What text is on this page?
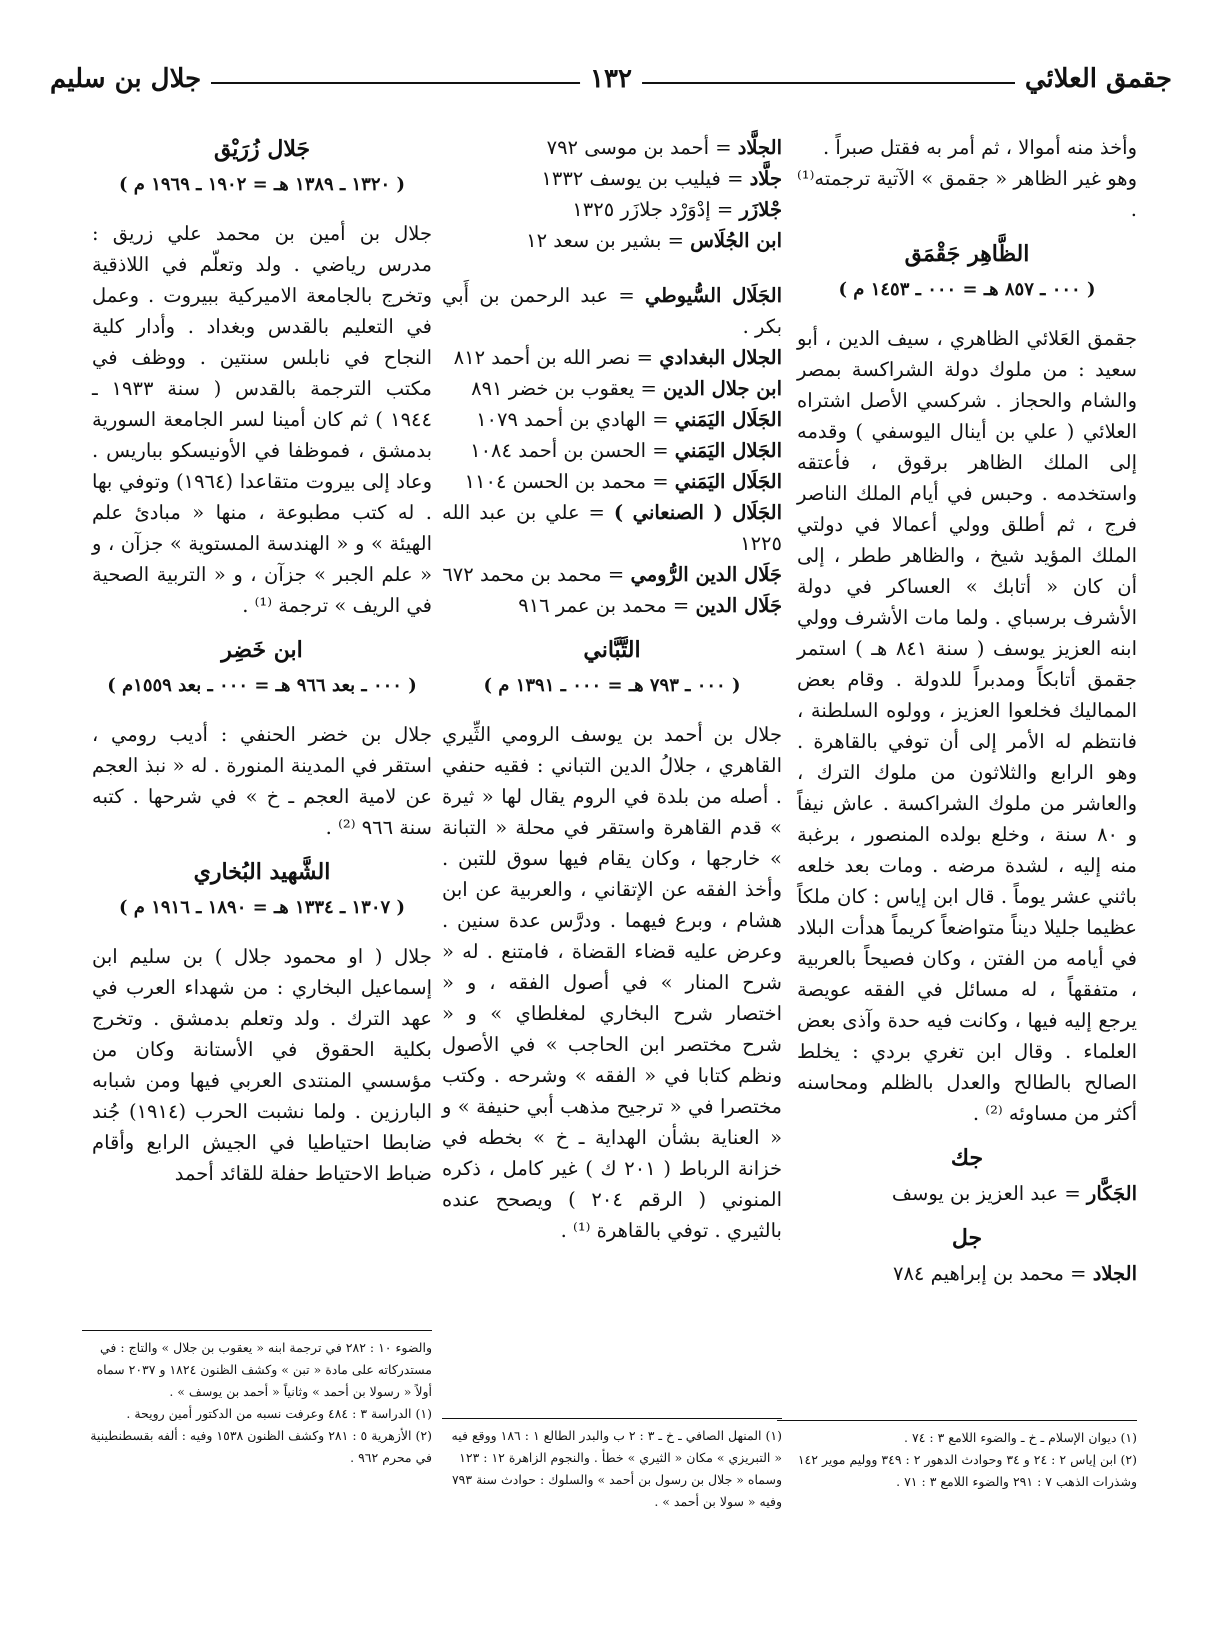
جقمق العلائي
١٣٢
جلال بن سليم

وأخذ منه أموالا ، ثم أمر به فقتل صبراً .

وهو غير الظاهر « جقمق » الآتية ترجمته⁽¹⁾ .

الظَّاهِر جَقْمَق
( ٠٠٠ ـ ٨٥٧ هـ = ٠٠٠ ـ ١٤٥٣ م )

جقمق العَلائي الظاهري ، سيف الدين ، أبو سعيد : من ملوك دولة الشراكسة بمصر والشام والحجاز . شركسي الأصل اشتراه العلائي ( علي بن أينال اليوسفي ) وقدمه إلى الملك الظاهر برقوق ، فأعتقه واستخدمه . وحبس في أيام الملك الناصر فرج ، ثم أطلق وولي أعمالا في دولتي الملك المؤيد شيخ ، والظاهر ططر ، إلى أن كان « أتابك » العساكر في دولة الأشرف برسباي . ولما مات الأشرف وولي ابنه العزيز يوسف ( سنة ٨٤١ هـ ) استمر جقمق أتابكاً ومدبراً للدولة . وقام بعض المماليك فخلعوا العزيز ، وولوه السلطنة ، فانتظم له الأمر إلى أن توفي بالقاهرة . وهو الرابع والثلاثون من ملوك الترك ، والعاشر من ملوك الشراكسة . عاش نيفاً و ٨٠ سنة ، وخلع بولده المنصور ، برغبة منه إليه ، لشدة مرضه . ومات بعد خلعه باثني عشر يوماً . قال ابن إياس : كان ملكاً عظيما جليلا ديناً متواضعاً كريماً هدأت البلاد في أيامه من الفتن ، وكان فصيحاً بالعربية ، متفقهاً ، له مسائل في الفقه عويصة يرجع إليه فيها ، وكانت فيه حدة وآذى بعض العلماء . وقال ابن تغري بردي : يخلط الصالح بالطالح والعدل بالظلم ومحاسنه أكثر من مساوئه ⁽²⁾ .

جك

الجَكَّار = عبد العزيز بن يوسف

جل

الجلاد = محمد بن إبراهيم ٧٨٤

الجلَّاد = أحمد بن موسى ٧٩٢

جلَّاد = فيليب بن يوسف ١٣٣٢

جْلازَر = إدْوَرْد جلازَر ١٣٢٥

ابن الجُلَاس = بشير بن سعد ١٢

الجَلَال السُّيوطي = عبد الرحمن بن أَبي بكر .

الجلال البغدادي = نصر الله بن أحمد ٨١٢

ابن جلال الدين = يعقوب بن خضر ٨٩١

الجَلَال اليَمَني = الهادي بن أحمد ١٠٧٩

الجَلال اليَمَني = الحسن بن أحمد ١٠٨٤

الجَلَال اليَمَني = محمد بن الحسن ١١٠٤

الجَلَال ( الصنعاني ) = علي بن عبد الله ١٢٢٥

جَلَال الدين الرُّومي = محمد بن محمد ٦٧٢

جَلَال الدين = محمد بن عمر ٩١٦

التَّبَّاني
( ٠٠٠ ـ ٧٩٣ هـ = ٠٠٠ ـ ١٣٩١ م )

جلال بن أحمد بن يوسف الرومي الثِّيري القاهري ، جلالُ الدين التباني : فقيه حنفي . أصله من بلدة في الروم يقال لها « ثيرة » قدم القاهرة واستقر في محلة « التبانة » خارجها ، وكان يقام فيها سوق للتبن . وأخذ الفقه عن الإتقاني ، والعربية عن ابن هشام ، وبرع فيهما . ودرَّس عدة سنين . وعرض عليه قضاء القضاة ، فامتنع . له « شرح المنار » في أصول الفقه ، و « اختصار شرح البخاري لمغلطاي » و « شرح مختصر ابن الحاجب » في الأصول ونظم كتابا في « الفقه » وشرحه . وكتب مختصرا في « ترجيح مذهب أبي حنيفة » و « العناية بشأن الهداية ـ خ » بخطه في خزانة الرباط ( ٢٠١ ك ) غير كامل ، ذكره المنوني ( الرقم ٢٠٤ ) ويصحح عنده بالثيري . توفي بالقاهرة ⁽¹⁾ .

جَلال زُرَيْق
( ١٣٢٠ ـ ١٣٨٩ هـ = ١٩٠٢ ـ ١٩٦٩ م )

جلال بن أمين بن محمد علي زريق : مدرس رياضي . ولد وتعلّم في اللاذقية وتخرج بالجامعة الاميركية ببيروت . وعمل في التعليم بالقدس وبغداد . وأدار كلية النجاح في نابلس سنتين . ووظف في مكتب الترجمة بالقدس ( سنة ١٩٣٣ ـ ١٩٤٤ ) ثم كان أمينا لسر الجامعة السورية بدمشق ، فموظفا في الأونيسكو بباريس . وعاد إلى بيروت متقاعدا (١٩٦٤) وتوفي بها . له كتب مطبوعة ، منها « مبادئ علم الهيئة » و « الهندسة المستوية » جزآن ، و « علم الجبر » جزآن ، و « التربية الصحية في الريف » ترجمة ⁽¹⁾ .

ابن خَضِر
( ٠٠٠ ـ بعد ٩٦٦ هـ = ٠٠٠ ـ بعد ١٥٥٩م )

جلال بن خضر الحنفي : أديب رومي ، استقر في المدينة المنورة . له « نبذ العجم عن لامية العجم ـ خ » في شرحها . كتبه سنة ٩٦٦ ⁽²⁾ .

الشَّهيد البُخاري
( ١٣٠٧ ـ ١٣٣٤ هـ = ١٨٩٠ ـ ١٩١٦ م )

جلال ( او محمود جلال ) بن سليم ابن إسماعيل البخاري : من شهداء العرب في عهد الترك . ولد وتعلم بدمشق . وتخرج بكلية الحقوق في الأستانة وكان من مؤسسي المنتدى العربي فيها ومن شبابه البارزين . ولما نشبت الحرب (١٩١٤) جُند ضابطا احتياطيا في الجيش الرابع وأقام ضباط الاحتياط حفلة للقائد أحمد

(١) ديوان الإسلام ـ خ ـ والضوء اللامع ٣ : ٧٤ .
(٢) ابن إياس ٢ : ٢٤ و ٣٤ وحوادث الدهور ٢ : ٣٤٩ وولیم موير ١٤٢ وشذرات الذهب ٧ : ٢٩١ والضوء اللامع ٣ : ٧١ .
(١) المنهل الصافي ـ خ ـ ٣ : ٢ ب والبدر الطالع ١ : ١٨٦ ووقع فيه « التبريزي » مكان « الثيري » خطأ . والنجوم الزاهرة ١٢ : ١٢٣ وسماه « جلال بن رسول بن أحمد » والسلوك : حوادث سنة ٧٩٣ وفيه « سولا بن أحمد » .
والضوء ١٠ : ٢٨٢ في ترجمة ابنه « يعقوب بن جلال » والتاج : في مستدركاته على مادة « تبن » وكشف الظنون ١٨٢٤ و ٢٠٣٧ سماه أولاً « رسولا بن أحمد » وثانياً « أحمد بن يوسف » .
(١) الدراسة ٣ : ٤٨٤ وعرفت نسبه من الدكتور أمين رويحة .
(٢) الأزهرية ٥ : ٢٨١ وكشف الظنون ١٥٣٨ وفيه : ألفه بقسطنطينية في محرم ٩٦٢ .
